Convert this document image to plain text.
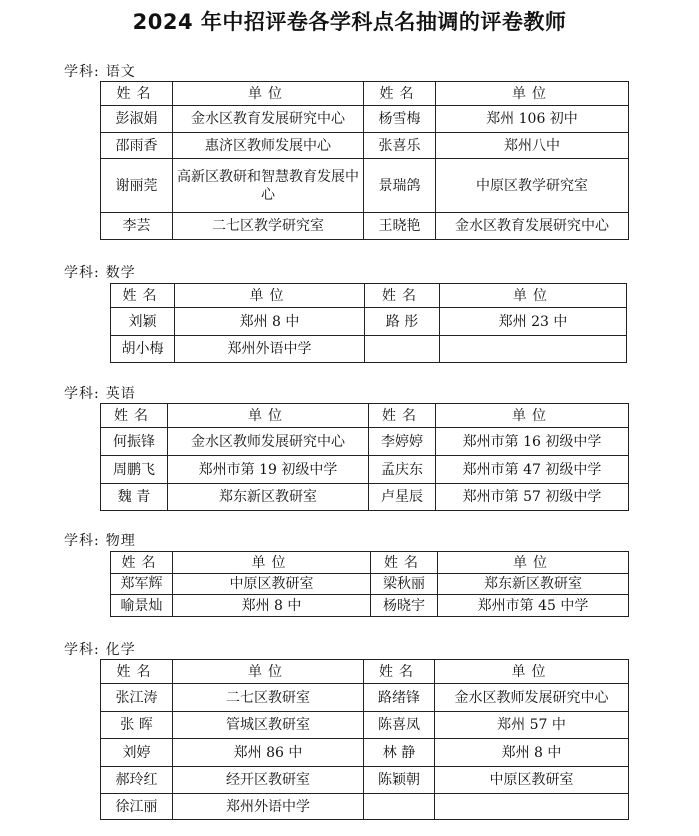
2024 年中招评卷各学科点名抽调的评卷教师
学科: 语文
姓名	单位	姓名	单位
彭淑娟	金水区教育发展研究中心	杨雪梅	郑州 106 初中
邵雨香	惠济区教师发展中心	张喜乐	郑州八中
谢丽莞	高新区教研和智慧教育发展中心	景瑞鸽	中原区教学研究室
李芸	二七区教学研究室	王晓艳	金水区教育发展研究中心
学科: 数学
姓名	单位	姓名	单位
刘颖	郑州 8 中	路 彤	郑州 23 中
胡小梅	郑州外语中学		
学科: 英语
姓名	单位	姓名	单位
何振锋	金水区教师发展研究中心	李婷婷	郑州市第 16 初级中学
周鹏飞	郑州市第 19 初级中学	孟庆东	郑州市第 47 初级中学
魏 青	郑东新区教研室	卢星辰	郑州市第 57 初级中学
学科: 物理
姓名	单位	姓名	单位
郑军辉	中原区教研室	梁秋丽	郑东新区教研室
喻景灿	郑州 8 中	杨晓宇	郑州市第 45 中学
学科: 化学
姓名	单位	姓名	单位
张江涛	二七区教研室	路绪锋	金水区教师发展研究中心
张 晖	管城区教研室	陈喜凤	郑州 57 中
刘婷	郑州 86 中	林 静	郑州 8 中
郝玲红	经开区教研室	陈颖朝	中原区教研室
徐江丽	郑州外语中学		
